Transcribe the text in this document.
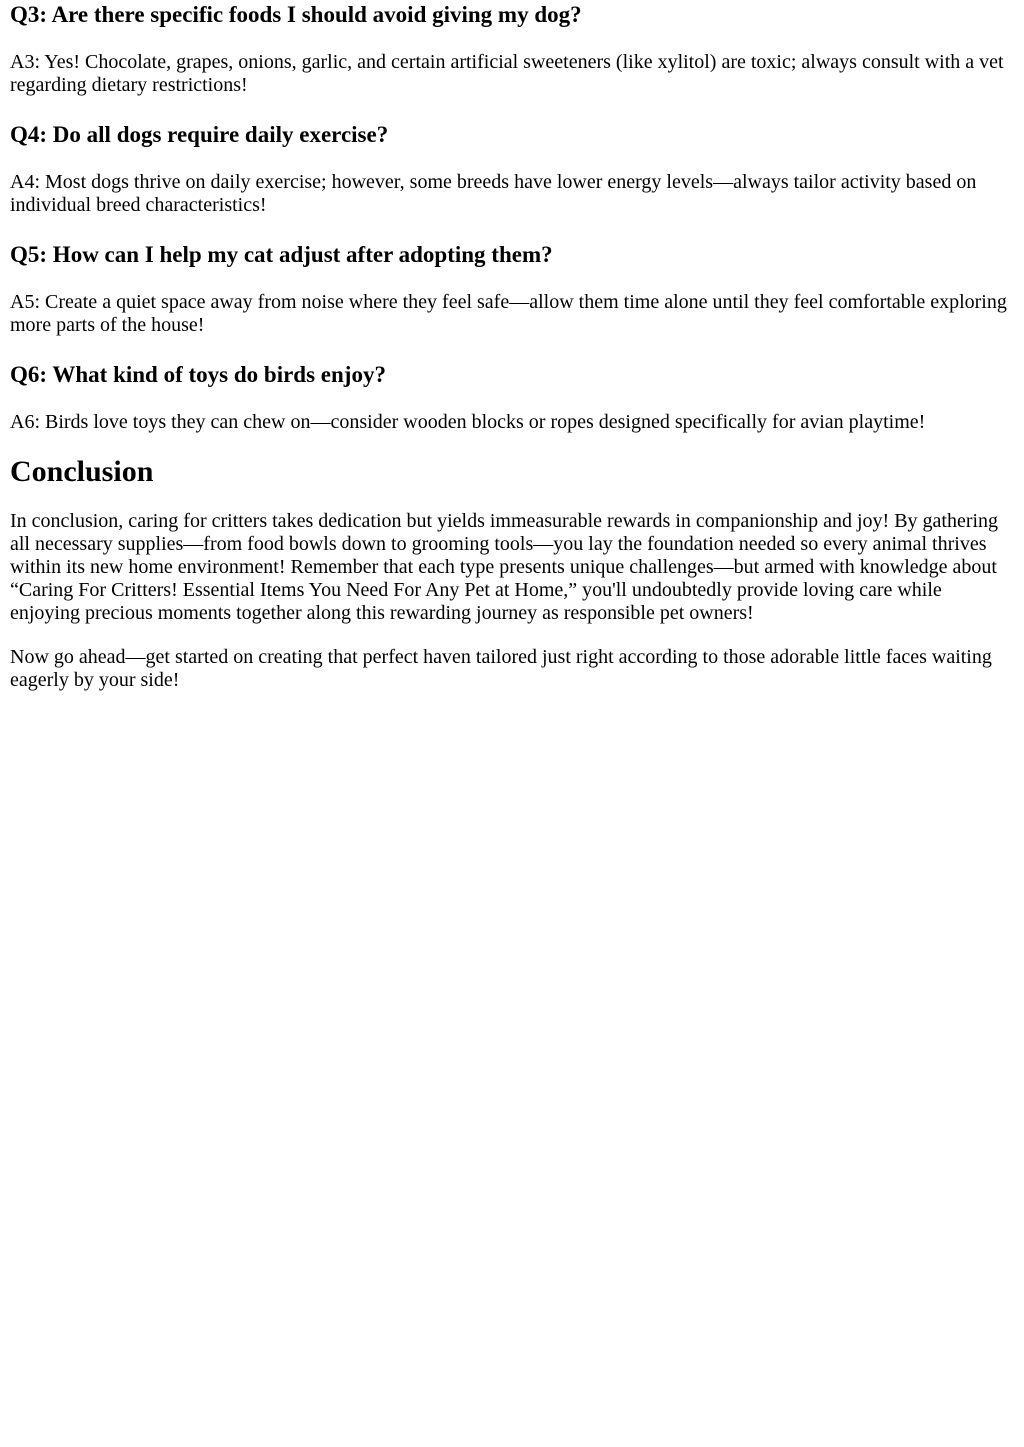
Q3: Are there specific foods I should avoid giving my dog?

A3: Yes! Chocolate, grapes, onions, garlic, and certain artificial sweeteners (like xylitol) are toxic; always consult with a vet regarding dietary restrictions!

Q4: Do all dogs require daily exercise?

A4: Most dogs thrive on daily exercise; however, some breeds have lower energy levels—always tailor activity based on individual breed characteristics!

Q5: How can I help my cat adjust after adopting them?

A5: Create a quiet space away from noise where they feel safe—allow them time alone until they feel comfortable exploring more parts of the house!

Q6: What kind of toys do birds enjoy?

A6: Birds love toys they can chew on—consider wooden blocks or ropes designed specifically for avian playtime!

Conclusion

In conclusion, caring for critters takes dedication but yields immeasurable rewards in companionship and joy! By gathering all necessary supplies—from food bowls down to grooming tools—you lay the foundation needed so every animal thrives within its new home environment! Remember that each type presents unique challenges—but armed with knowledge about “Caring For Critters! Essential Items You Need For Any Pet at Home,” you'll undoubtedly provide loving care while enjoying precious moments together along this rewarding journey as responsible pet owners!

Now go ahead—get started on creating that perfect haven tailored just right according to those adorable little faces waiting eagerly by your side!
